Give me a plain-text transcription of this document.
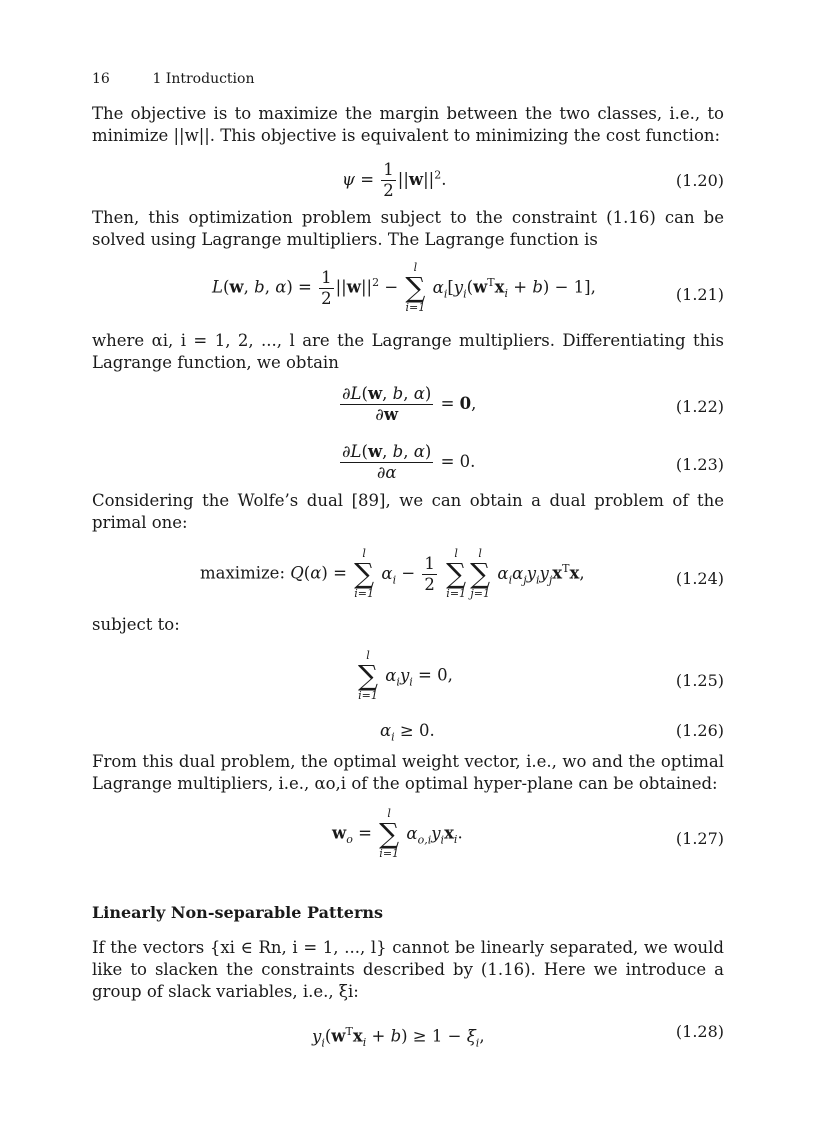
16	1 Introduction
The objective is to maximize the margin between the two classes, i.e., to minimize ||w||. This objective is equivalent to minimizing the cost function:
$\psi = \frac{1}{2} ||w||^2$.	(1.20)
Then, this optimization problem subject to the constraint (1.16) can be solved using Lagrange multipliers. The Lagrange function is
L(w, b, $\alpha) = \frac{1}{2} ||w||^2$ −
l
∑
i=1
$\alpha_i[y_i(w^Tx_i + b) - 1]$,	(1.21)
where αi, i = 1, 2, ..., l are the Lagrange multipliers. Differentiating this Lagrange function, we obtain
$\frac{\partial L(w, b, \alpha)}{\partial w} = 0$,	(1.22)
$\frac{\partial L(w, b, \alpha)}{\partial\alpha} = 0$.	(1.23)
Considering the Wolfe’s dual [89], we can obtain a dual problem of the primal one:
maximize: Q(α) =
l
∑
i=1
$\alpha_i - \frac{1}{2}$
	l
∑
i=1
l
∑
j=1
$\alpha_i\alpha_jy_iy_jx^Tx$,	(1.24)
subject to:
l
∑
i=1
$\alpha_iy_i = 0$,	(1.25)
$\alpha_i \ge 0$.	(1.26)
From this dual problem, the optimal weight vector, i.e., wo and the optimal Lagrange multipliers, i.e., αo,i of the optimal hyper-plane can be obtained:
$w_o$ =
l
∑
i=1
$\alpha_{o,i}y_ix_i$.	(1.27)
Linearly Non-separable Patterns
If the vectors {xi ∈ Rn, i = 1, ..., l} cannot be linearly separated, we would like to slacken the constraints described by (1.16). Here we introduce a group of slack variables, i.e., ξi:
$y_i(w^Tx_i + b) \ge 1 - \xi_i$,	(1.28)
